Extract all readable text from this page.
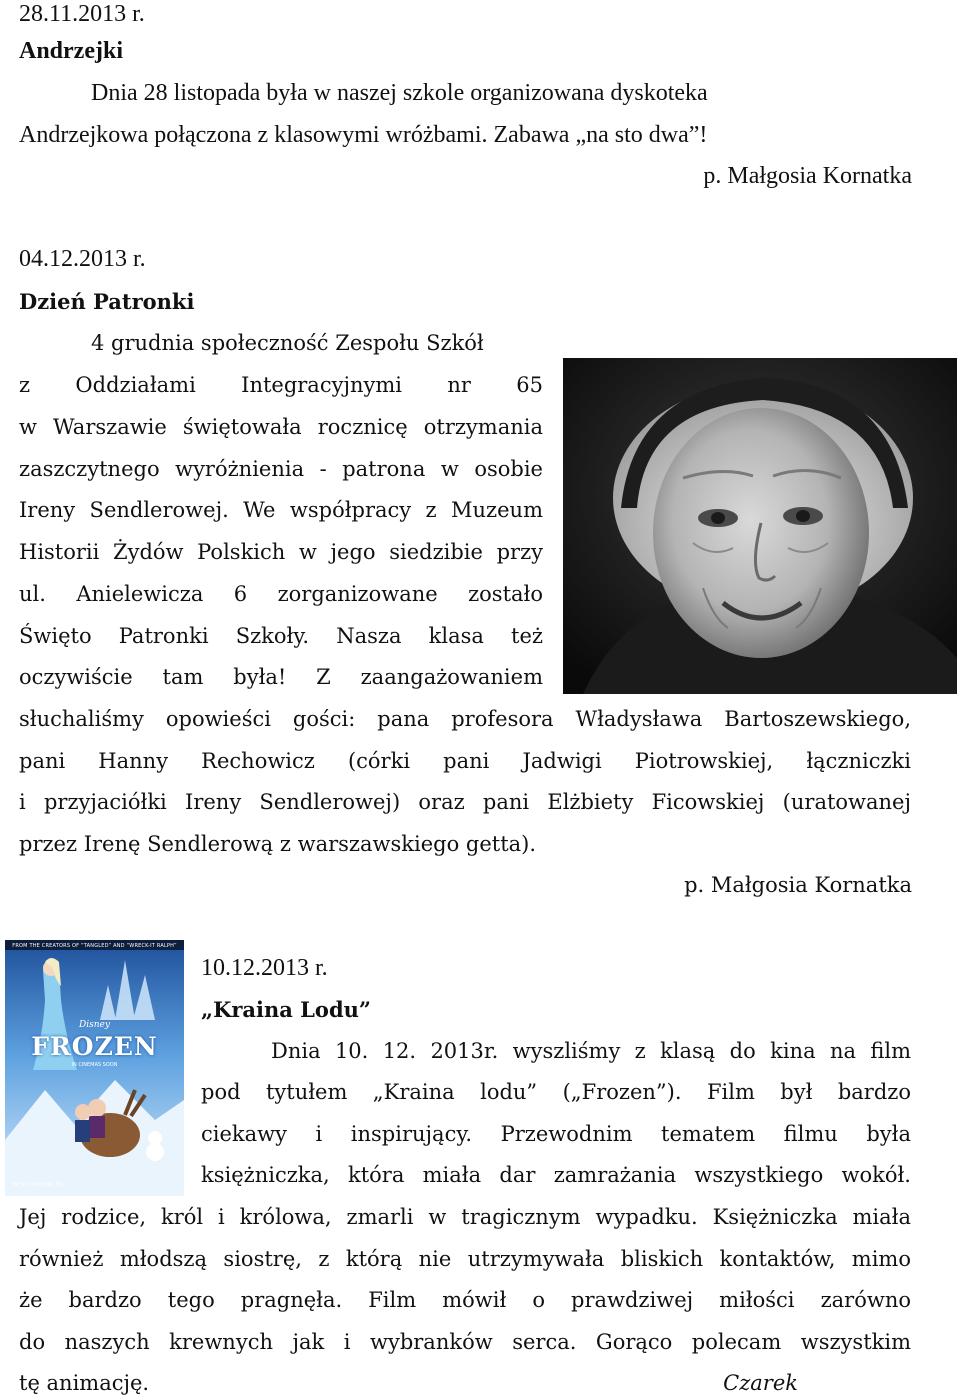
28.11.2013 r.
Andrzejki
Dnia 28 listopada była w naszej szkole organizowana dyskoteka
Andrzejkowa połączona z klasowymi wróżbami. Zabawa „na sto dwa”!
p. Małgosia Kornatka
04.12.2013 r.
Dzień Patronki
4 grudnia społeczność Zespołu Szkół
z Oddziałami Integracyjnymi nr 65
w Warszawie świętowała rocznicę otrzymania
zaszczytnego wyróżnienia - patrona w osobie
Ireny Sendlerowej. We współpracy z Muzeum
Historii Żydów Polskich w jego siedzibie przy
ul. Anielewicza 6 zorganizowane zostało
Święto Patronki Szkoły. Nasza klasa też
oczywiście tam była! Z zaangażowaniem
słuchaliśmy opowieści gości: pana profesora Władysława Bartoszewskiego,
pani Hanny Rechowicz (córki pani Jadwigi Piotrowskiej, łączniczki
i przyjaciółki Ireny Sendlerowej) oraz pani Elżbiety Ficowskiej (uratowanej
przez Irenę Sendlerową z warszawskiego getta).
p. Małgosia Kornatka
FROM THE CREATORS OF “TANGLED” AND “WRECK-IT RALPH”
Disney
FROZEN
IN CINEMAS SOON
IN 3D AND REAL 3D
10.12.2013 r.
„Kraina Lodu”
Dnia 10. 12. 2013r. wyszliśmy z klasą do kina na film
pod tytułem „Kraina lodu” („Frozen”). Film był bardzo
ciekawy i inspirujący. Przewodnim tematem filmu była
księżniczka, która miała dar zamrażania wszystkiego wokół.
Jej rodzice, król i królowa, zmarli w tragicznym wypadku. Księżniczka miała
również młodszą siostrę, z którą nie utrzymywała bliskich kontaktów, mimo
że bardzo tego pragnęła. Film mówił o prawdziwej miłości zarówno
do naszych krewnych jak i wybranków serca. Gorąco polecam wszystkim
tę animację.	Czarek
